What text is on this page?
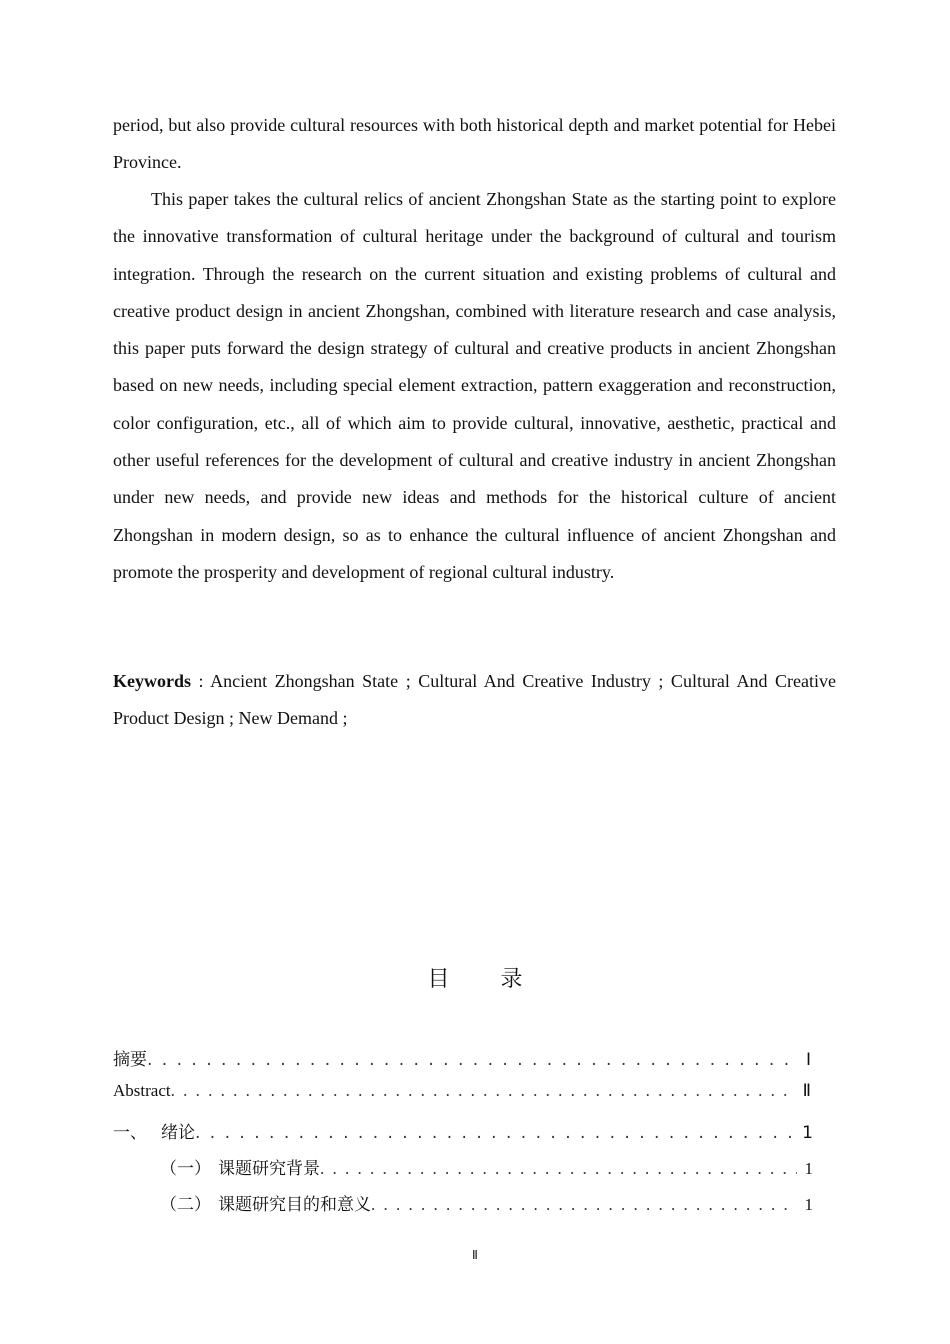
period, but also provide cultural resources with both historical depth and market potential for Hebei Province.
This paper takes the cultural relics of ancient Zhongshan State as the starting point to explore the innovative transformation of cultural heritage under the background of cultural and tourism integration. Through the research on the current situation and existing problems of cultural and creative product design in ancient Zhongshan, combined with literature research and case analysis, this paper puts forward the design strategy of cultural and creative products in ancient Zhongshan based on new needs, including special element extraction, pattern exaggeration and reconstruction, color configuration, etc., all of which aim to provide cultural, innovative, aesthetic, practical and other useful references for the development of cultural and creative industry in ancient Zhongshan under new needs, and provide new ideas and methods for the historical culture of ancient Zhongshan in modern design, so as to enhance the cultural influence of ancient Zhongshan and promote the prosperity and development of regional cultural industry.
Keywords : Ancient Zhongshan State ; Cultural And Creative Industry ; Cultural And Creative Product Design ; New Demand ;
目 录
摘要 . . .	Ⅰ
Abstract . . .	Ⅱ
一、 绪论 . . .	1
（一） 课题研究背景 . . .	1
（二） 课题研究目的和意义 . . .	1
Ⅱ
